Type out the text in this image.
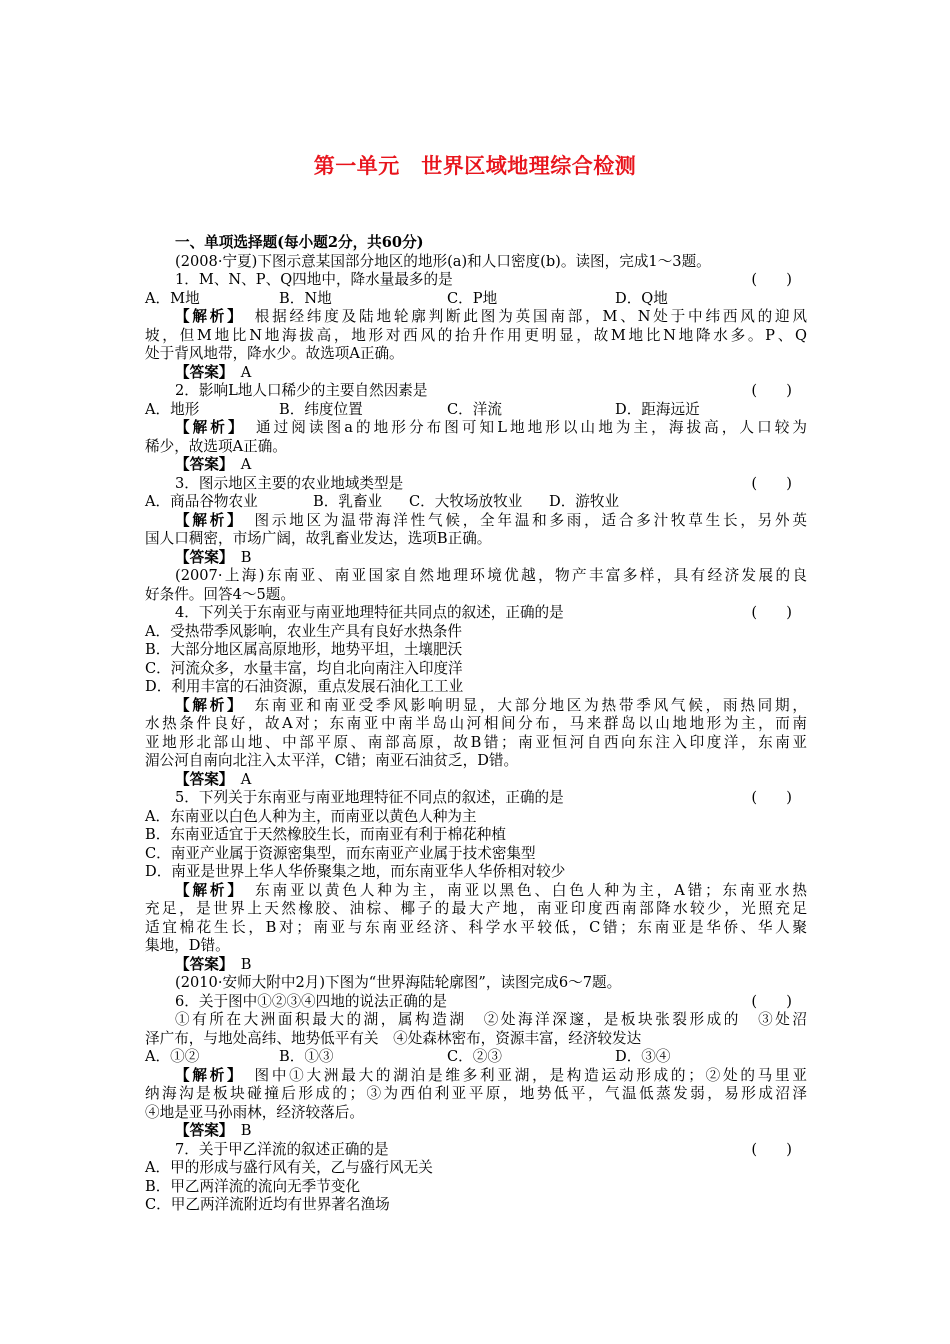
第一单元　世界区域地理综合检测
一、单项选择题(每小题2分，共60分)
(2008·宁夏)下图示意某国部分地区的地形(a)和人口密度(b)。读图，完成1～3题。
1．M、N、P、Q四地中，降水量最多的是	(　　)
A．M地	B．N地	C．P地	D．Q地
【解析】　 根据经纬度及陆地轮廓判断此图为英国南部，M、N处于中纬西风的迎风
坡，但M地比N地海拔高，地形对西风的抬升作用更明显，故M地比N地降水多。P、Q
处于背风地带，降水少。故选项A正确。
【答案】　 A
2．影响L地人口稀少的主要自然因素是	(　　)
A．地形	B．纬度位置	C．洋流	D．距海远近
【解析】　 通过阅读图a的地形分布图可知L地地形以山地为主，海拔高，人口较为
稀少，故选项A正确。
【答案】　 A
3．图示地区主要的农业地域类型是	(　　)
A．商品谷物农业	B．乳畜业	C．大牧场放牧业	D．游牧业
【解析】　 图示地区为温带海洋性气候，全年温和多雨，适合多汁牧草生长，另外英
国人口稠密，市场广阔，故乳畜业发达，选项B正确。
【答案】　 B
(2007·上海)东南亚、南亚国家自然地理环境优越，物产丰富多样，具有经济发展的良
好条件。回答4～5题。
4．下列关于东南亚与南亚地理特征共同点的叙述，正确的是	(　　)
A．受热带季风影响，农业生产具有良好水热条件
B．大部分地区属高原地形，地势平坦，土壤肥沃
C．河流众多，水量丰富，均自北向南注入印度洋
D．利用丰富的石油资源，重点发展石油化工工业
【解析】　 东南亚和南亚受季风影响明显，大部分地区为热带季风气候，雨热同期，
水热条件良好，故A对；东南亚中南半岛山河相间分布，马来群岛以山地地形为主，而南
亚地形北部山地、中部平原、南部高原，故B错；南亚恒河自西向东注入印度洋，东南亚
湄公河自南向北注入太平洋，C错；南亚石油贫乏，D错。
【答案】　 A
5．下列关于东南亚与南亚地理特征不同点的叙述，正确的是	(　　)
A．东南亚以白色人种为主，而南亚以黄色人种为主
B．东南亚适宜于天然橡胶生长，而南亚有利于棉花种植
C．南亚产业属于资源密集型，而东南亚产业属于技术密集型
D．南亚是世界上华人华侨聚集之地，而东南亚华人华侨相对较少
【解析】　 东南亚以黄色人种为主，南亚以黑色、白色人种为主，A错；东南亚水热
充足，是世界上天然橡胶、油棕、椰子的最大产地，南亚印度西南部降水较少，光照充足
适宜棉花生长，B对；南亚与东南亚经济、科学水平较低，C错；东南亚是华侨、华人聚
集地，D错。
【答案】　 B
(2010·安师大附中2月)下图为“世界海陆轮廓图”，读图完成6～7题。
6．关于图中①②③④四地的说法正确的是	(　　)
①有所在大洲面积最大的湖，属构造湖　②处海洋深邃，是板块张裂形成的　③处沼
泽广布，与地处高纬、地势低平有关　④处森林密布，资源丰富，经济较发达
A．①②	B．①③	C．②③	D．③④
【解析】　 图中①大洲最大的湖泊是维多利亚湖，是构造运动形成的；②处的马里亚
纳海沟是板块碰撞后形成的；③为西伯利亚平原，地势低平，气温低蒸发弱，易形成沼泽
④地是亚马孙雨林，经济较落后。
【答案】　 B
7．关于甲乙洋流的叙述正确的是	(　　)
A．甲的形成与盛行风有关，乙与盛行风无关
B．甲乙两洋流的流向无季节变化
C．甲乙两洋流附近均有世界著名渔场
